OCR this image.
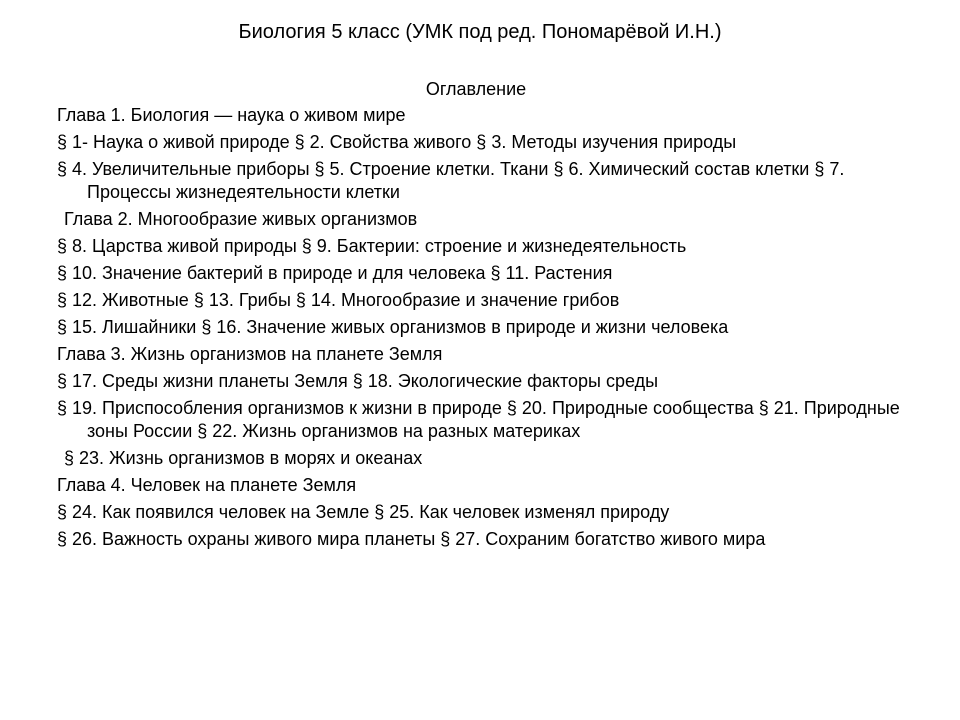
Биология 5 класс (УМК под ред. Пономарёвой И.Н.)
Оглавление
Глава 1. Биология — наука о живом мире
§ 1- Наука о живой природе § 2. Свойства живого § 3. Методы изучения природы
§ 4. Увеличительные приборы § 5. Строение клетки. Ткани § 6. Химический состав клетки § 7. Процессы жизнедеятельности клетки
Глава 2. Многообразие живых организмов
§ 8. Царства живой природы § 9. Бактерии: строение и жизнедеятельность
§ 10. Значение бактерий в природе и для человека § 11. Растения
§ 12. Животные § 13. Грибы § 14. Многообразие и значение грибов
§ 15. Лишайники § 16. Значение живых организмов в природе и жизни человека
Глава 3. Жизнь организмов на планете Земля
§ 17. Среды жизни планеты Земля § 18. Экологические факторы среды
§ 19. Приспособления организмов к жизни в природе § 20. Природные сообщества § 21. Природные зоны России § 22. Жизнь организмов на разных материках
§ 23. Жизнь организмов в морях и океанах
Глава 4. Человек на планете Земля
§ 24. Как появился человек на Земле § 25. Как человек изменял природу
§ 26. Важность охраны живого мира планеты § 27. Сохраним богатство живого мира
